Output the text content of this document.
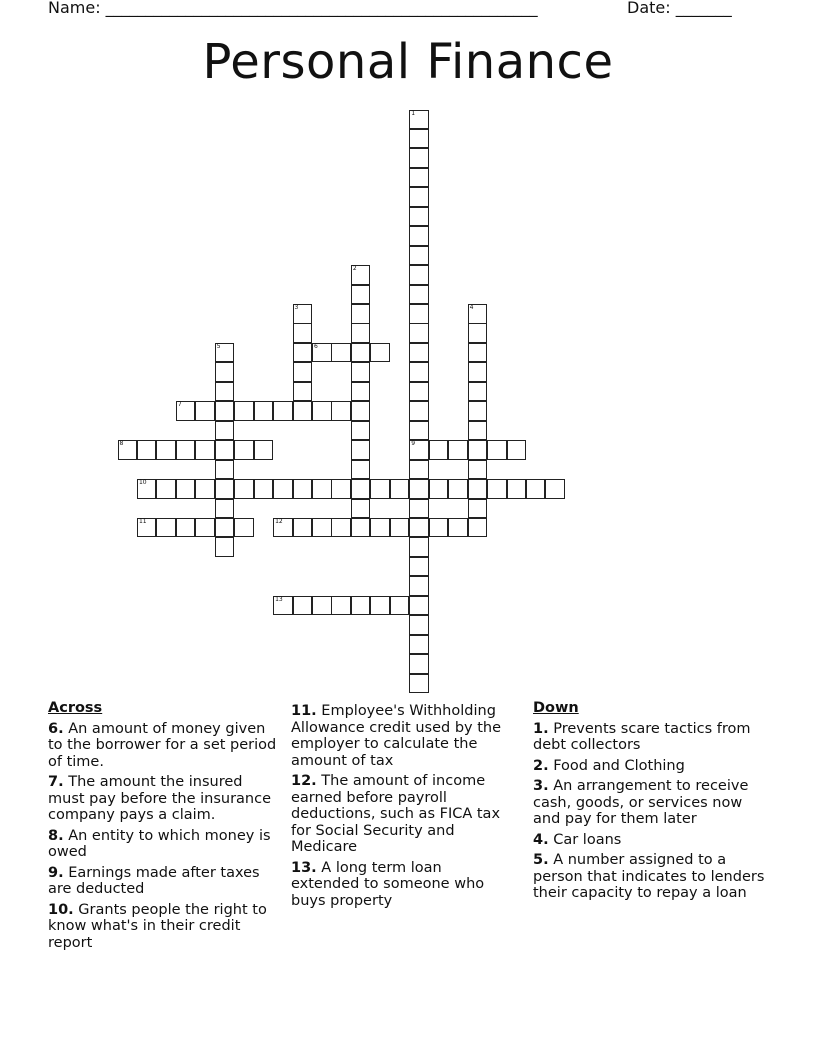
Name: ______________________________________________________	Date: _______
Personal Finance
1
9
2
3	4
5	6
7
8
10
11	12
13
Across
6. An amount of money given to the borrower for a set period of time.
7. The amount the insured must pay before the insurance company pays a claim.
8. An entity to which money is owed
9. Earnings made after taxes are deducted
10. Grants people the right to know what's in their credit report
11. Employee's Withholding Allowance credit used by the employer to calculate the amount of tax
12. The amount of income earned before payroll deductions, such as FICA tax for Social Security and Medicare
13. A long term loan extended to someone who buys property
Down
1. Prevents scare tactics from debt collectors
2. Food and Clothing
3. An arrangement to receive cash, goods, or services now and pay for them later
4. Car loans
5. A number assigned to a person that indicates to lenders their capacity to repay a loan
